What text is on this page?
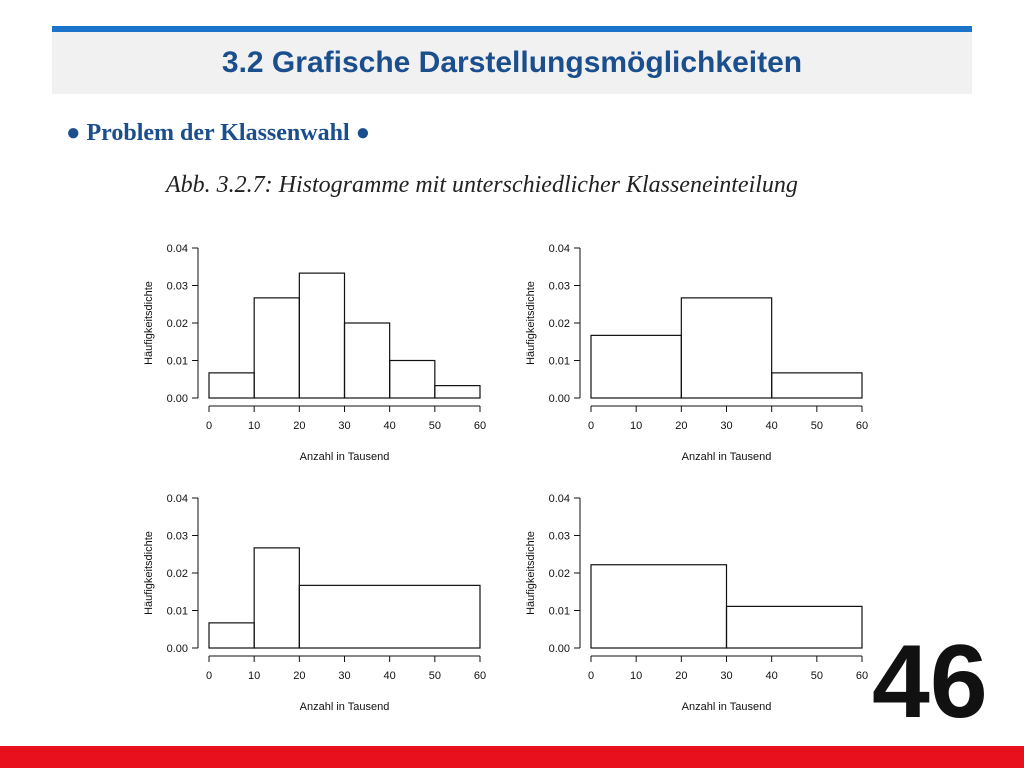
3.2 Grafische Darstellungsmöglichkeiten
● Problem der Klassenwahl ●
Abb. 3.2.7: Histogramme mit unterschiedlicher Klasseneinteilung
0.00
0.01
0.02
0.03
0.04
0	10	20	30	40	50	60
Anzahl in Tausend
Häufigkeitsdichte
0.00
0.01
0.02
0.03
0.04
0	10	20	30	40	50	60
Anzahl in Tausend
Häufigkeitsdichte
0.00
0.01
0.02
0.03
0.04
0	10	20	30	40	50	60
Anzahl in Tausend
Häufigkeitsdichte
0.00
0.01
0.02
0.03
0.04
0	10	20	30	40	50	60
Anzahl in Tausend
Häufigkeitsdichte
46
